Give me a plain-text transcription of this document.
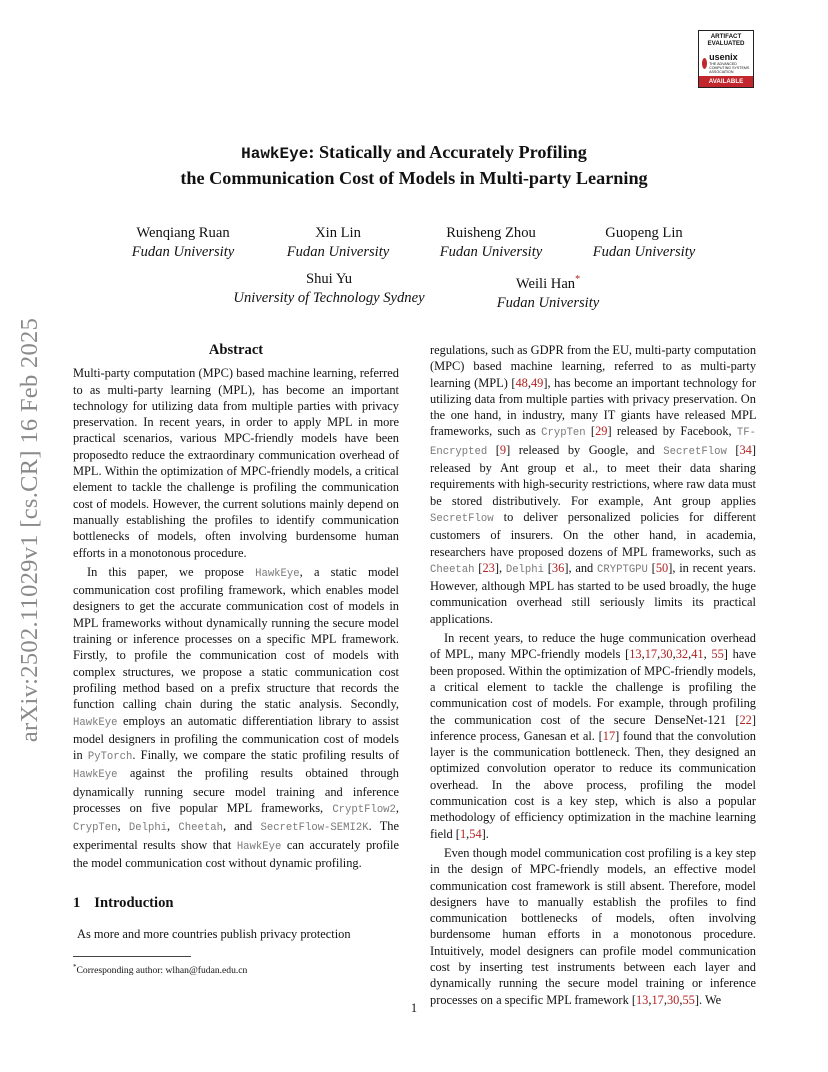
arXiv:2502.11029v1 [cs.CR] 16 Feb 2025
ARTIFACT
EVALUATED
usenix
THE ADVANCED COMPUTING SYSTEMS ASSOCIATION
AVAILABLE
HawkEye: Statically and Accurately Profiling
the Communication Cost of Models in Multi-party Learning
Wenqiang Ruan
Fudan University
Xin Lin
Fudan University
Ruisheng Zhou
Fudan University
Guopeng Lin
Fudan University
Shui Yu
University of Technology Sydney
Weili Han*
Fudan University

Abstract

Multi-party computation (MPC) based machine learning, referred to as multi-party learning (MPL), has become an important technology for utilizing data from multiple parties with privacy preservation. In recent years, in order to apply MPL in more practical scenarios, various MPC-friendly models have been proposedto reduce the extraordinary communication overhead of MPL. Within the optimization of MPC-friendly models, a critical element to tackle the challenge is profiling the communication cost of models. However, the current solutions mainly depend on manually establishing the profiles to identify communication bottlenecks of models, often involving burdensome human efforts in a monotonous procedure.

In this paper, we propose HawkEye, a static model communication cost profiling framework, which enables model designers to get the accurate communication cost of models in MPL frameworks without dynamically running the secure model training or inference processes on a specific MPL framework. Firstly, to profile the communication cost of models with complex structures, we propose a static communication cost profiling method based on a prefix structure that records the function calling chain during the static analysis. Secondly, HawkEye employs an automatic differentiation library to assist model designers in profiling the communication cost of models in PyTorch. Finally, we compare the static profiling results of HawkEye against the profiling results obtained through dynamically running secure model training and inference processes on five popular MPL frameworks, CryptFlow2, CrypTen, Delphi, Cheetah, and SecretFlow-SEMI2K. The experimental results show that HawkEye can accurately profile the model communication cost without dynamic profiling.

1 Introduction

As more and more countries publish privacy protection

regulations, such as GDPR from the EU, multi-party computation (MPC) based machine learning, referred to as multi-party learning (MPL) [48,49], has become an important technology for utilizing data from multiple parties with privacy preservation. On the one hand, in industry, many IT giants have released MPL frameworks, such as CrypTen [29] released by Facebook, TF-Encrypted [9] released by Google, and SecretFlow [34] released by Ant group et al., to meet their data sharing requirements with high-security restrictions, where raw data must be stored distributively. For example, Ant group applies SecretFlow to deliver personalized policies for different customers of insurers. On the other hand, in academia, researchers have proposed dozens of MPL frameworks, such as Cheetah [23], Delphi [36], and CRYPTGPU [50], in recent years. However, although MPL has started to be used broadly, the huge communication overhead still seriously limits its practical applications.

In recent years, to reduce the huge communication overhead of MPL, many MPC-friendly models [13,17,30,32,41, 55] have been proposed. Within the optimization of MPC-friendly models, a critical element to tackle the challenge is profiling the communication cost of models. For example, through profiling the communication cost of the secure DenseNet-121 [22] inference process, Ganesan et al. [17] found that the convolution layer is the communication bottleneck. Then, they designed an optimized convolution operator to reduce its communication overhead. In the above process, profiling the model communication cost is a key step, which is also a popular methodology of efficiency optimization in the machine learning field [1,54].

Even though model communication cost profiling is a key step in the design of MPC-friendly models, an effective model communication cost framework is still absent. Therefore, model designers have to manually establish the profiles to find communication bottlenecks of models, often involving burdensome human efforts in a monotonous procedure. Intuitively, model designers can profile model communication cost by inserting test instruments between each layer and dynamically running the secure model training or inference processes on a specific MPL framework [13,17,30,55]. We

*Corresponding author: wlhan@fudan.edu.cn
1
